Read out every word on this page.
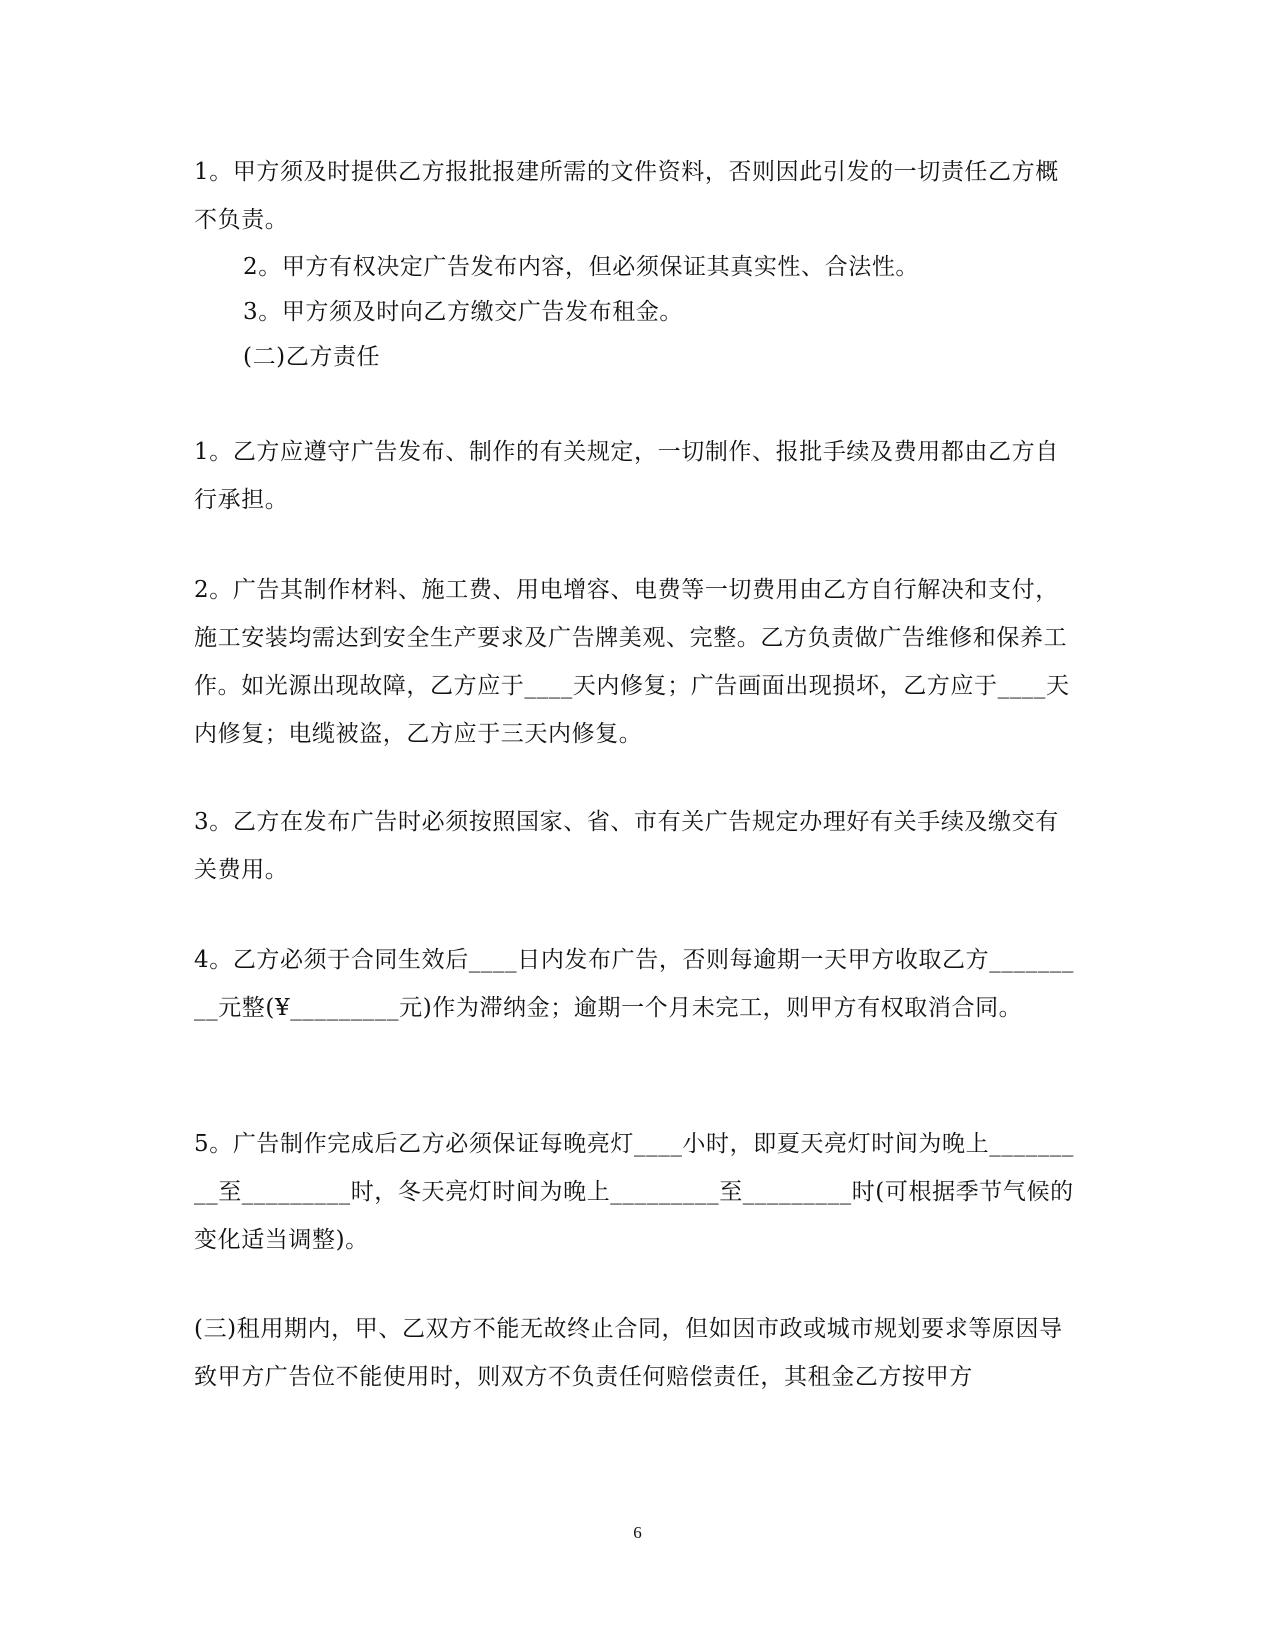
1。甲方须及时提供乙方报批报建所需的文件资料，否则因此引发的一切责任乙方概不负责。

2。甲方有权决定广告发布内容，但必须保证其真实性、合法性。

3。甲方须及时向乙方缴交广告发布租金。

(二)乙方责任

1。乙方应遵守广告发布、制作的有关规定，一切制作、报批手续及费用都由乙方自行承担。

2。广告其制作材料、施工费、用电增容、电费等一切费用由乙方自行解决和支付，施工安装均需达到安全生产要求及广告牌美观、完整。乙方负责做广告维修和保养工作。如光源出现故障，乙方应于____天内修复；广告画面出现损坏，乙方应于____天内修复；电缆被盗，乙方应于三天内修复。

3。乙方在发布广告时必须按照国家、省、市有关广告规定办理好有关手续及缴交有关费用。

4。乙方必须于合同生效后____日内发布广告，否则每逾期一天甲方收取乙方_________元整(¥_________元)作为滞纳金；逾期一个月未完工，则甲方有权取消合同。

5。广告制作完成后乙方必须保证每晚亮灯____小时，即夏天亮灯时间为晚上_________至_________时，冬天亮灯时间为晚上_________至_________时(可根据季节气候的变化适当调整)。

(三)租用期内，甲、乙双方不能无故终止合同，但如因市政或城市规划要求等原因导致甲方广告位不能使用时，则双方不负责任何赔偿责任，其租金乙方按甲方

6
